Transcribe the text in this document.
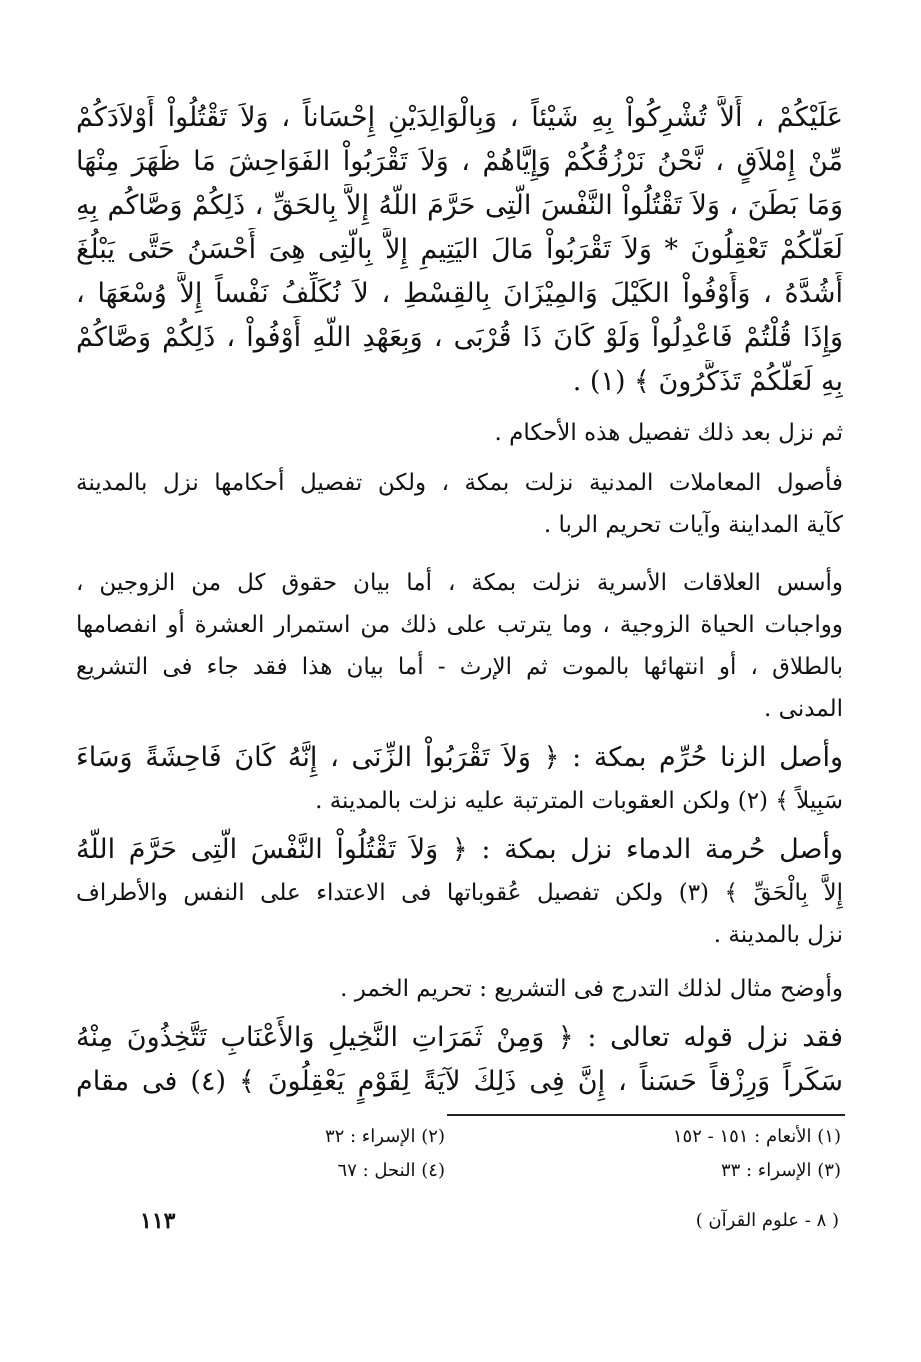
عَلَيْكُمْ ، أَلاَّ تُشْرِكُواْ بِهِ شَيْئاً ، وَبِالْوَالِدَيْنِ إِحْسَاناً ، وَلاَ تَقْتُلُواْ أَوْلاَدَكُمْ
مِّنْ إِمْلاَقٍ ، نَّحْنُ نَرْزُقُكُمْ وَإِيَّاهُمْ ، وَلاَ تَقْرَبُواْ الفَوَاحِشَ مَا ظَهَرَ مِنْهَا
وَمَا بَطَنَ ، وَلاَ تَقْتُلُواْ النَّفْسَ الَّتِى حَرَّمَ اللَّهُ إِلاَّ بِالحَقِّ ، ذَلِكُمْ وَصَّاكُم بِهِ
لَعَلَّكُمْ تَعْقِلُونَ * وَلاَ تَقْرَبُواْ مَالَ اليَتِيمِ إِلاَّ بِالَّتِى هِىَ أَحْسَنُ حَتَّى يَبْلُغَ
أَشُدَّهُ ، وَأَوْفُواْ الكَيْلَ وَالمِيْزَانَ بِالقِسْطِ ، لاَ نُكَلِّفُ نَفْساً إِلاَّ وُسْعَهَا ،
وَإِذَا قُلْتُمْ فَاعْدِلُواْ وَلَوْ كَانَ ذَا قُرْبَى ، وَبِعَهْدِ اللَّهِ أَوْفُواْ ، ذَلِكُمْ وَصَّاكُمْ
بِهِ لَعَلَّكُمْ تَذَكَّرُونَ ﴾ (١) .
ثم نزل بعد ذلك تفصيل هذه الأحكام .
فأصول المعاملات المدنية نزلت بمكة ، ولكن تفصيل أحكامها نزل بالمدينة
كآية المداينة وآيات تحريم الربا .
وأسس العلاقات الأسرية نزلت بمكة ، أما بيان حقوق كل من الزوجين ،
وواجبات الحياة الزوجية ، وما يترتب على ذلك من استمرار العشرة أو انفصامها
بالطلاق ، أو انتهائها بالموت ثم الإرث - أما بيان هذا فقد جاء فى التشريع
المدنى .
وأصل الزنا حُرِّم بمكة : ﴿ وَلاَ تَقْرَبُواْ الزِّنَى ، إِنَّهُ كَانَ فَاحِشَةً وَسَاءَ
سَبِيلاً ﴾ (٢) ولكن العقوبات المترتبة عليه نزلت بالمدينة .
وأصل حُرمة الدماء نزل بمكة : ﴿ وَلاَ تَقْتُلُواْ النَّفْسَ الَّتِى حَرَّمَ اللَّهُ
إِلاَّ بِالْحَقِّ ﴾ (٣) ولكن تفصيل عُقوباتها فى الاعتداء على النفس والأطراف
نزل بالمدينة .
وأوضح مثال لذلك التدرج فى التشريع : تحريم الخمر .
فقد نزل قوله تعالى : ﴿ وَمِنْ ثَمَرَاتِ النَّخِيلِ وَالأَعْنَابِ تَتَّخِذُونَ مِنْهُ
سَكَراً وَرِزْقاً حَسَناً ، إِنَّ فِى ذَلِكَ لآيَةً لِقَوْمٍ يَعْقِلُونَ ﴾ (٤) فى مقام
(١) الأنعام : ١٥١ - ١٥٢
(٢) الإسراء : ٣٢
(٣) الإسراء : ٣٣
(٤) النحل : ٦٧
١١٣	( ٨ - علوم القرآن )
